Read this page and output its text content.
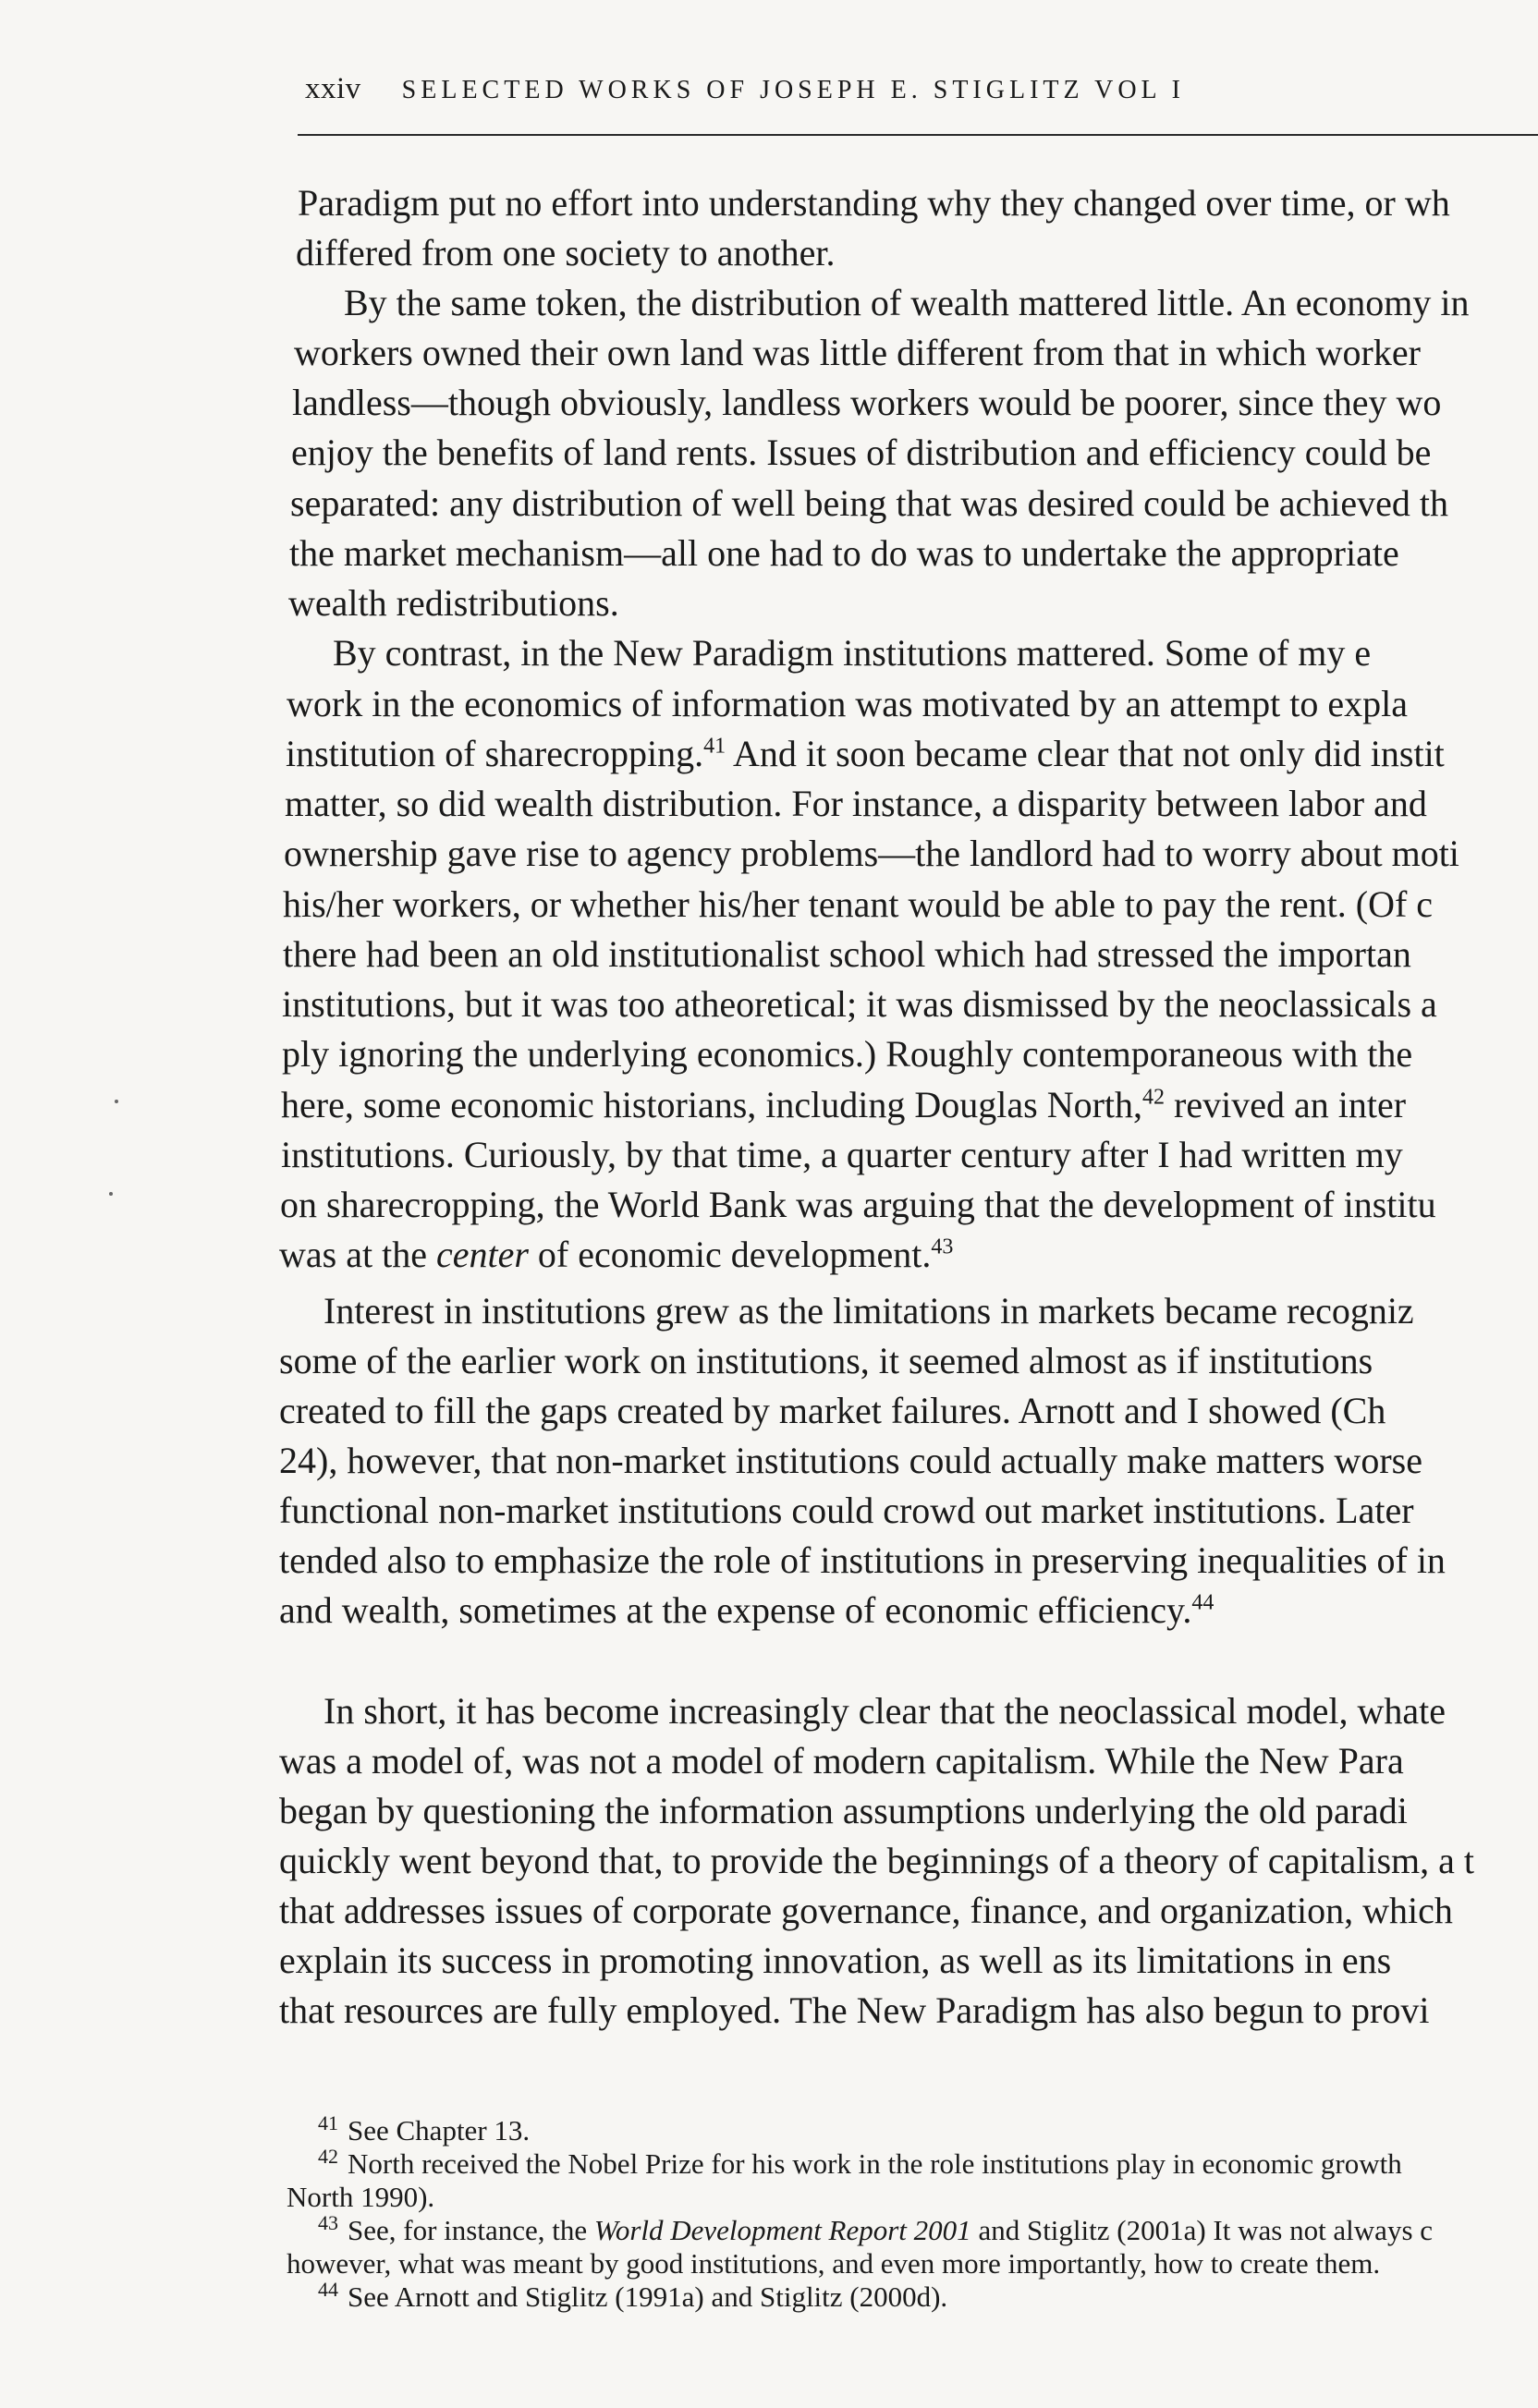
xxiv SELECTED WORKS OF JOSEPH E. STIGLITZ VOL I
Paradigm put no effort into understanding why they changed over time, or wh
differed from one society to another.
By the same token, the distribution of wealth mattered little. An economy in
workers owned their own land was little different from that in which worker
landless—though obviously, landless workers would be poorer, since they wo
enjoy the benefits of land rents. Issues of distribution and efficiency could be
separated: any distribution of well being that was desired could be achieved th
the market mechanism—all one had to do was to undertake the appropriate
wealth redistributions.
By contrast, in the New Paradigm institutions mattered. Some of my e
work in the economics of information was motivated by an attempt to expla
institution of sharecropping.$^{41}$ And it soon became clear that not only did instit
matter, so did wealth distribution. For instance, a disparity between labor and
ownership gave rise to agency problems—the landlord had to worry about moti
his/her workers, or whether his/her tenant would be able to pay the rent. (Of c
there had been an old institutionalist school which had stressed the importan
institutions, but it was too atheoretical; it was dismissed by the neoclassicals a
ply ignoring the underlying economics.) Roughly contemporaneous with the
here, some economic historians, including Douglas North,$^{42}$ revived an inter
institutions. Curiously, by that time, a quarter century after I had written my
on sharecropping, the World Bank was arguing that the development of institu
was at the center of economic development.$^{43}$
Interest in institutions grew as the limitations in markets became recogniz
some of the earlier work on institutions, it seemed almost as if institutions
created to fill the gaps created by market failures. Arnott and I showed (Ch
24), however, that non-market institutions could actually make matters worse
functional non-market institutions could crowd out market institutions. Later
tended also to emphasize the role of institutions in preserving inequalities of in
and wealth, sometimes at the expense of economic efficiency.$^{44}$
In short, it has become increasingly clear that the neoclassical model, whate
was a model of, was not a model of modern capitalism. While the New Para
began by questioning the information assumptions underlying the old paradi
quickly went beyond that, to provide the beginnings of a theory of capitalism, a t
that addresses issues of corporate governance, finance, and organization, which
explain its success in promoting innovation, as well as its limitations in ens
that resources are fully employed. The New Paradigm has also begun to provi
$^{41}$ See Chapter 13.
$^{42}$ North received the Nobel Prize for his work in the role institutions play in economic growth
North 1990).
$^{43}$ See, for instance, the World Development Report 2001 and Stiglitz (2001a) It was not always c
however, what was meant by good institutions, and even more importantly, how to create them.
$^{44}$ See Arnott and Stiglitz (1991a) and Stiglitz (2000d).
